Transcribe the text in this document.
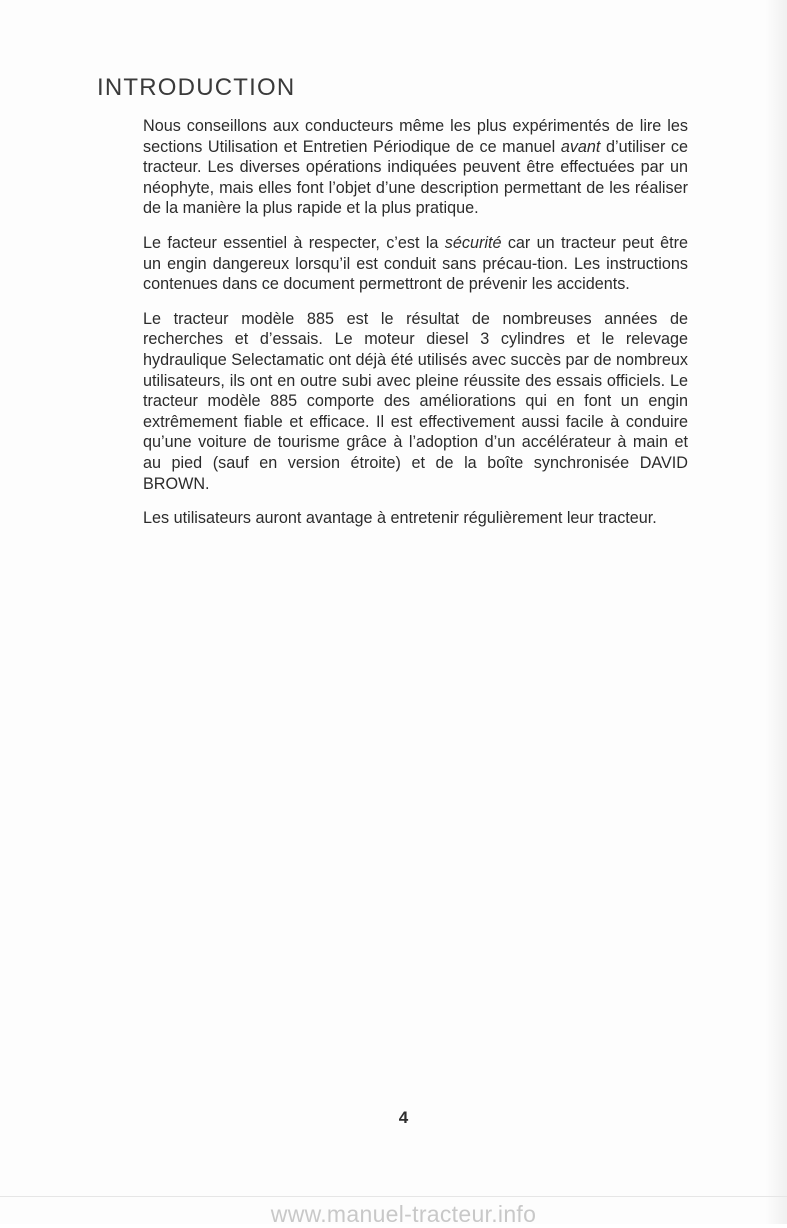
INTRODUCTION

Nous conseillons aux conducteurs même les plus expérimentés de lire les sections Utilisation et Entretien Périodique de ce manuel avant d’utiliser ce tracteur. Les diverses opérations indiquées peuvent être effectuées par un néophyte, mais elles font l’objet d’une description permettant de les réaliser de la manière la plus rapide et la plus pratique.

Le facteur essentiel à respecter, c’est la sécurité car un tracteur peut être un engin dangereux lorsqu’il est conduit sans précau-tion. Les instructions contenues dans ce document permettront de prévenir les accidents.

Le tracteur modèle 885 est le résultat de nombreuses années de recherches et d’essais. Le moteur diesel 3 cylindres et le relevage hydraulique Selectamatic ont déjà été utilisés avec succès par de nombreux utilisateurs, ils ont en outre subi avec pleine réussite des essais officiels. Le tracteur modèle 885 comporte des améliorations qui en font un engin extrêmement fiable et efficace. Il est effectivement aussi facile à conduire qu’une voiture de tourisme grâce à l’adoption d’un accélérateur à main et au pied (sauf en version étroite) et de la boîte synchronisée DAVID BROWN.

Les utilisateurs auront avantage à entretenir régulièrement leur tracteur.

4
www.manuel-tracteur.info
